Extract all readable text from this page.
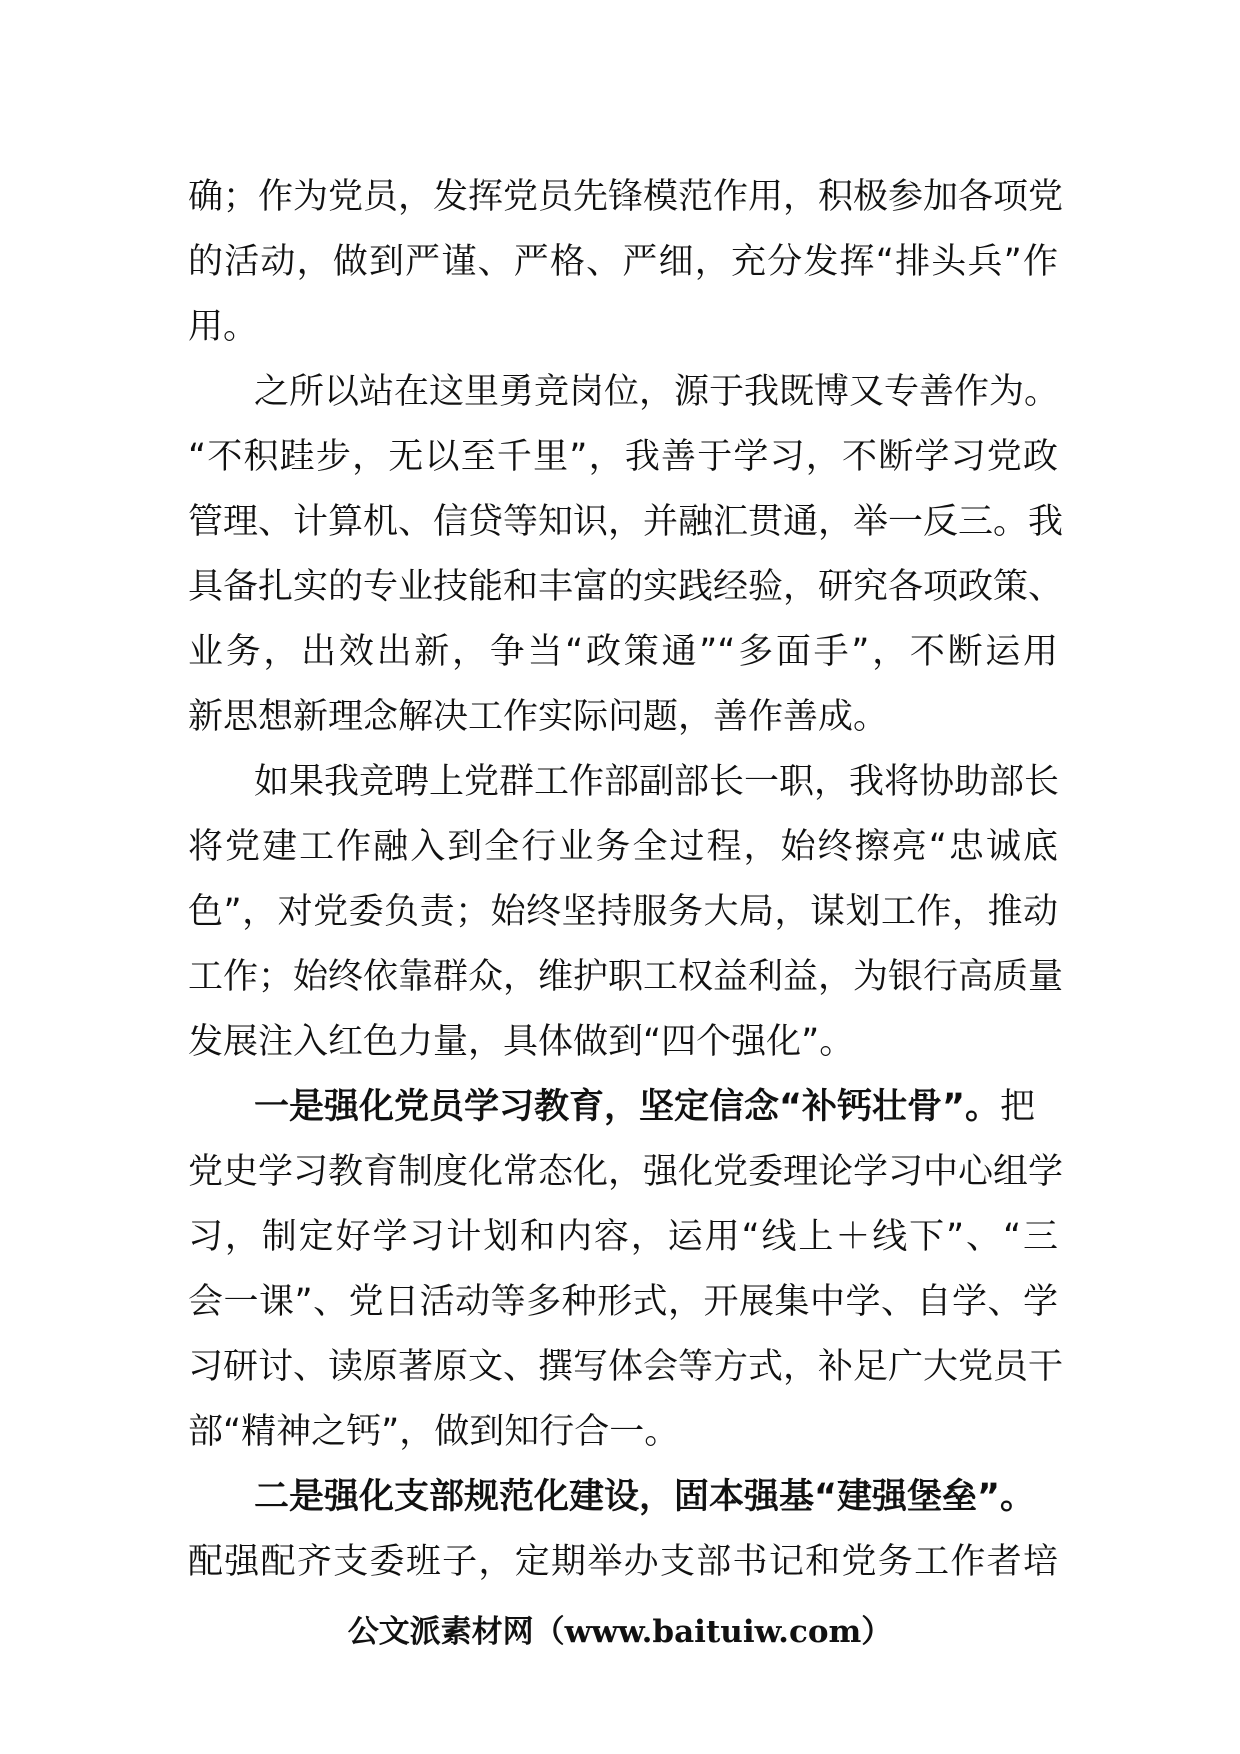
确；作为党员，发挥党员先锋模范作用，积极参加各项党
的活动，做到严谨、严格、严细，充分发挥“排头兵”作
用。
之所以站在这里勇竞岗位，源于我既博又专善作为。
“不积跬步，无以至千里”，我善于学习，不断学习党政
管理、计算机、信贷等知识，并融汇贯通，举一反三。我
具备扎实的专业技能和丰富的实践经验，研究各项政策、
业务，出效出新，争当“政策通”“多面手”，不断运用
新思想新理念解决工作实际问题，善作善成。
如果我竞聘上党群工作部副部长一职，我将协助部长
将党建工作融入到全行业务全过程，始终擦亮“忠诚底
色”，对党委负责；始终坚持服务大局，谋划工作，推动
工作；始终依靠群众，维护职工权益利益，为银行高质量
发展注入红色力量，具体做到“四个强化”。
一是强化党员学习教育，坚定信念“补钙壮骨”。把
党史学习教育制度化常态化，强化党委理论学习中心组学
习，制定好学习计划和内容，运用“线上＋线下”、“三
会一课”、党日活动等多种形式，开展集中学、自学、学
习研讨、读原著原文、撰写体会等方式，补足广大党员干
部“精神之钙”，做到知行合一。
二是强化支部规范化建设，固本强基“建强堡垒”。
配强配齐支委班子，定期举办支部书记和党务工作者培
公文派素材网（www.baituiw.com）
